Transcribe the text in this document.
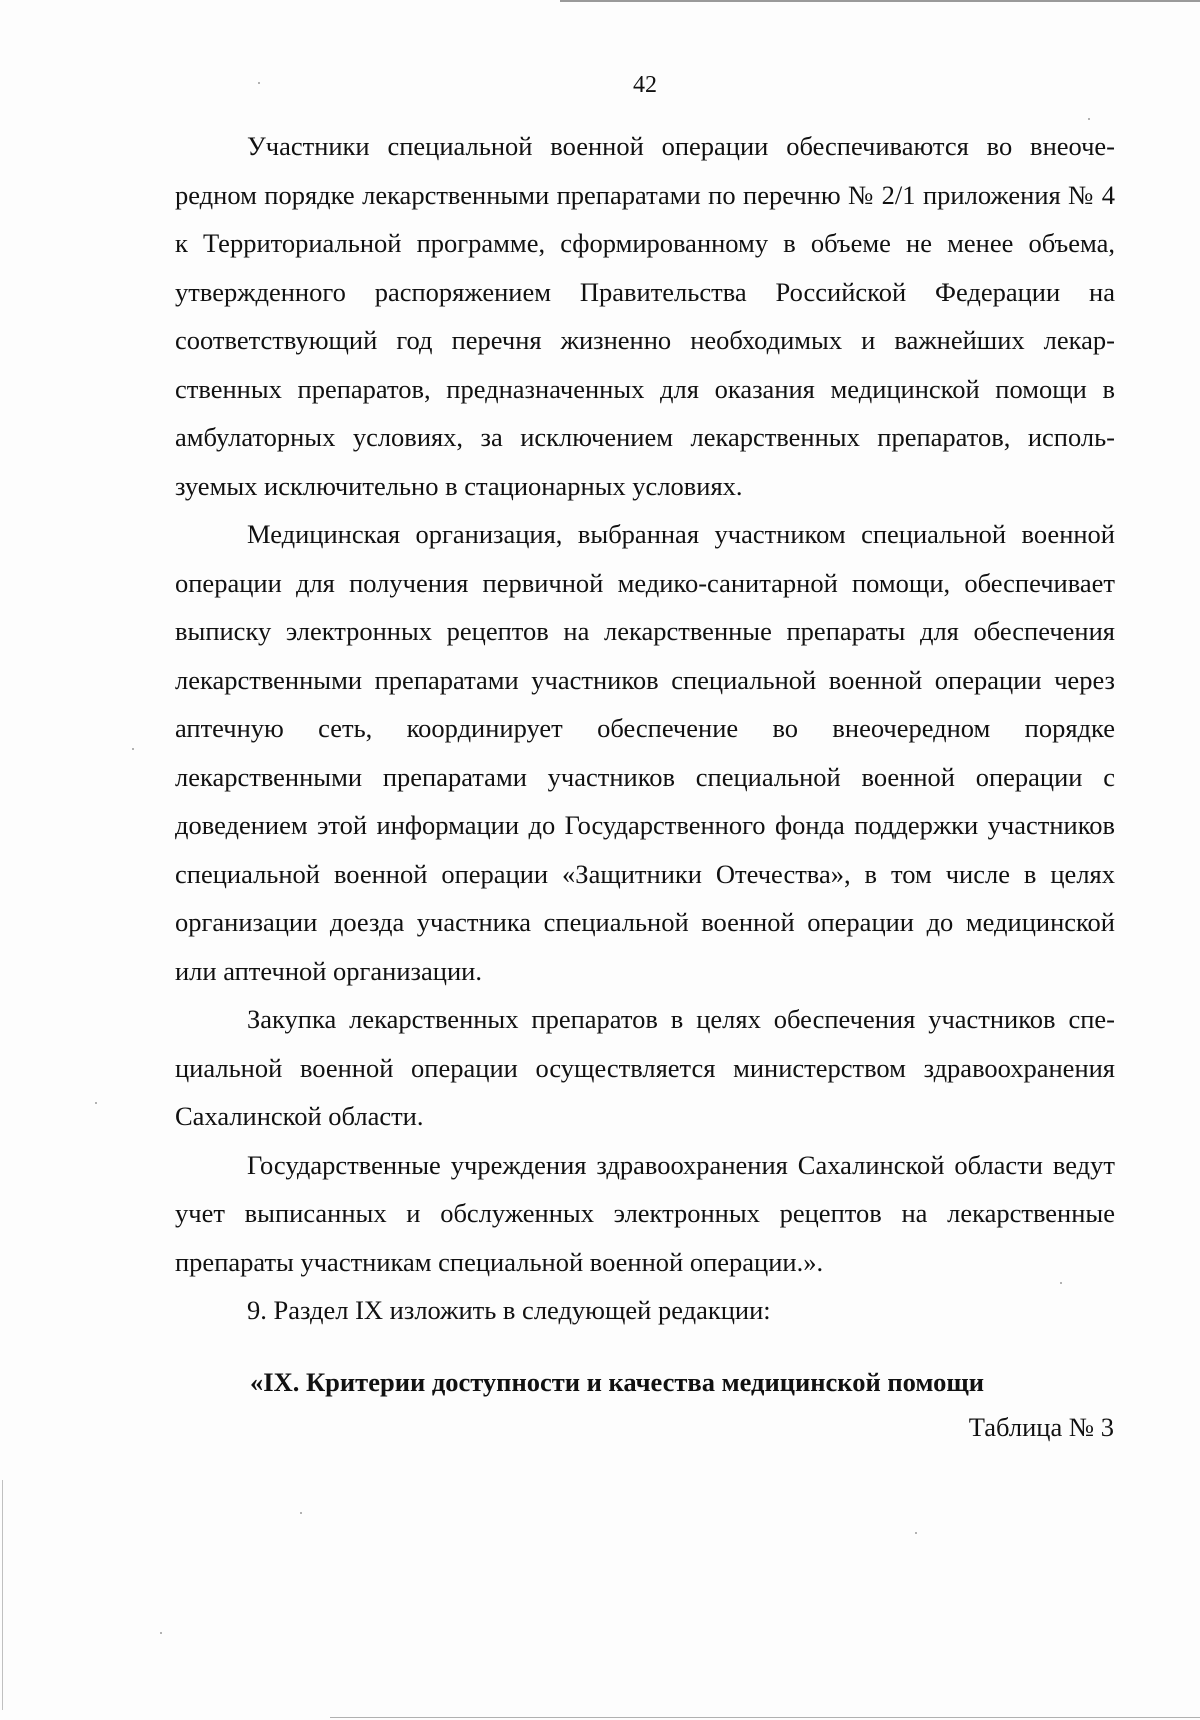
42

Участники специальной военной операции обеспечиваются во внеочередном порядке лекарственными препаратами по перечню № 2/1 приложения № 4 к Территориальной программе, сформированному в объеме не менее объема, утвержденного распоряжением Правительства Российской Федерации на соответствующий год перечня жизненно необходимых и важнейших лекарственных препаратов, предназначенных для оказания медицинской помощи в амбулаторных условиях, за исключением лекарственных препаратов, используемых исключительно в стационарных условиях.

Медицинская организация, выбранная участником специальной военной операции для получения первичной медико-санитарной помощи, обеспечивает выписку электронных рецептов на лекарственные препараты для обеспечения лекарственными препаратами участников специальной военной операции через аптечную сеть, координирует обеспечение во внеочередном порядке лекарственными препаратами участников специальной военной операции с доведением этой информации до Государственного фонда поддержки участников специальной военной операции «Защитники Отечества», в том числе в целях организации доезда участника специальной военной операции до медицинской или аптечной организации.

Закупка лекарственных препаратов в целях обеспечения участников специальной военной операции осуществляется министерством здравоохранения Сахалинской области.

Государственные учреждения здравоохранения Сахалинской области ведут учет выписанных и обслуженных электронных рецептов на лекарственные препараты участникам специальной военной операции.».

9. Раздел IX изложить в следующей редакции:

«IX. Критерии доступности и качества медицинской помощи
Таблица № 3
